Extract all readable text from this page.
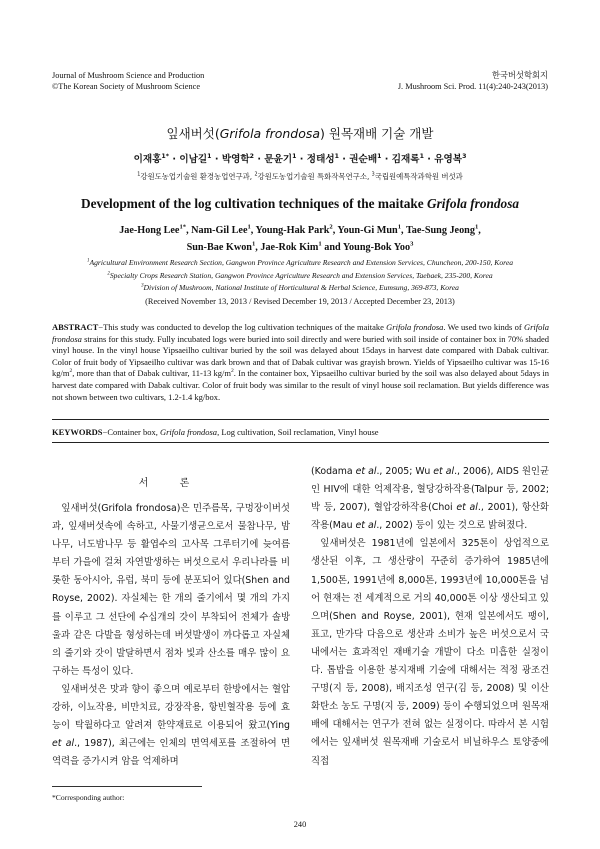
Journal of Mushroom Science and Production
©The Korean Society of Mushroom Science
한국버섯학회지
J. Mushroom Sci. Prod. 11(4):240-243(2013)
잎새버섯(Grifola frondosa) 원목재배 기술 개발
이재홍$^{1*}$ · 이남길$^1$ · 박영학$^2$ · 문윤기$^1$ · 정태성$^1$ · 권순배$^1$ · 김재록$^1$ · 유영복$^3$
$^1$강원도농업기술원 환경농업연구과, $^2$강원도농업기술원 특화작목연구소, $^3$국립원예특작과학원 버섯과
Development of the log cultivation techniques of the maitake Grifola frondosa
Jae-Hong Lee$^{1*}$, Nam-Gil Lee$^1$, Young-Hak Park$^2$, Youn-Gi Mun$^1$, Tae-Sung Jeong$^1$,
Sun-Bae Kwon$^1$, Jae-Rok Kim$^1$ and Young-Bok Yoo$^3$
$^1$Agricultural Environment Research Section, Gangwon Province Agriculture Research and Extension Services, Chuncheon, 200-150, Korea
$^2$Specialty Crops Research Station, Gangwon Province Agriculture Research and Extension Services, Taebaek, 235-200, Korea
$^3$Division of Mushroom, National Institute of Horticultural & Herbal Science, Eumsung, 369-873, Korea
(Received November 13, 2013 / Revised December 19, 2013 / Accepted December 23, 2013)

ABSTRACT−This study was conducted to develop the log cultivation techniques of the maitake Grifola frondosa. We used two kinds of Grifola frondosa strains for this study. Fully incubated logs were buried into soil directly and were buried with soil inside of container box in 70% shaded vinyl house. In the vinyl house Yipsaeilho cultivar buried by the soil was delayed about 15days in harvest date compared with Dabak cultivar. Color of fruit body of Yipsaeilho cultivar was dark brown and that of Dabak cultivar was grayish brown. Yields of Yipsaeilho cultivar was 15-16 $kg/m^2$, more than that of Dabak cultivar, 11-13 $kg/m^2$. In the container box, Yipsaeilho cultivar buried by the soil was also delayed about 5days in harvest date compared with Dabak cultivar. Color of fruit body was similar to the result of vinyl house soil reclamation. But yields difference was not shown between two cultivars, 1.2-1.4 kg/box.

KEYWORDS−Container box, Grifola frondosa, Log cultivation, Soil reclamation, Vinyl house

서 론

잎새버섯(Grifola frondosa)은 민주름목, 구멍장이버섯과, 잎새버섯속에 속하고, 사물기생균으로서 물참나무, 밤나무, 너도밤나무 등 활엽수의 고사목 그루터기에 늦여름부터 가을에 걸쳐 자연발생하는 버섯으로서 우리나라를 비롯한 동아시아, 유럽, 북미 등에 분포되어 있다(Shen and Royse, 2002). 자실체는 한 개의 줄기에서 몇 개의 가지를 이루고 그 선단에 수십개의 갓이 부착되어 전체가 솔방울과 같은 다발을 형성하는데 버섯발생이 까다롭고 자실체의 줄기와 갓이 발달하면서 점차 빛과 산소를 매우 많이 요구하는 특성이 있다.

잎새버섯은 맛과 향이 좋으며 예로부터 한방에서는 혈압강하, 이뇨작용, 비만치료, 강장작용, 항빈혈작용 등에 효능이 탁월하다고 알려져 한약재료로 이용되어 왔고(Ying et al., 1987), 최근에는 인체의 면역세포를 조절하여 면역력을 증가시켜 암을 억제하며

(Kodama et al., 2005; Wu et al., 2006), AIDS 원인균인 HIV에 대한 억제작용, 혈당강하작용(Talpur 등, 2002; 박 등, 2007), 혈압강하작용(Choi et al., 2001), 항산화작용(Mau et al., 2002) 등이 있는 것으로 밝혀졌다.

잎새버섯은 1981년에 일본에서 325톤이 상업적으로 생산된 이후, 그 생산량이 꾸준히 증가하여 1985년에 1,500톤, 1991년에 8,000톤, 1993년에 10,000톤을 넘어 현재는 전 세계적으로 거의 40,000톤 이상 생산되고 있으며(Shen and Royse, 2001), 현재 일본에서도 팽이, 표고, 만가닥 다음으로 생산과 소비가 높은 버섯으로서 국내에서는 효과적인 재배기술 개발이 다소 미흡한 실정이다. 톱밥을 이용한 봉지재배 기술에 대해서는 적정 광조건 구명(지 등, 2008), 배지조성 연구(김 등, 2008) 및 이산화탄소 농도 구명(지 등, 2009) 등이 수행되었으며 원목재배에 대해서는 연구가 전혀 없는 실정이다. 따라서 본 시험에서는 잎새버섯 원목재배 기술로서 비닐하우스 토양중에 직접

*Corresponding author:
240
